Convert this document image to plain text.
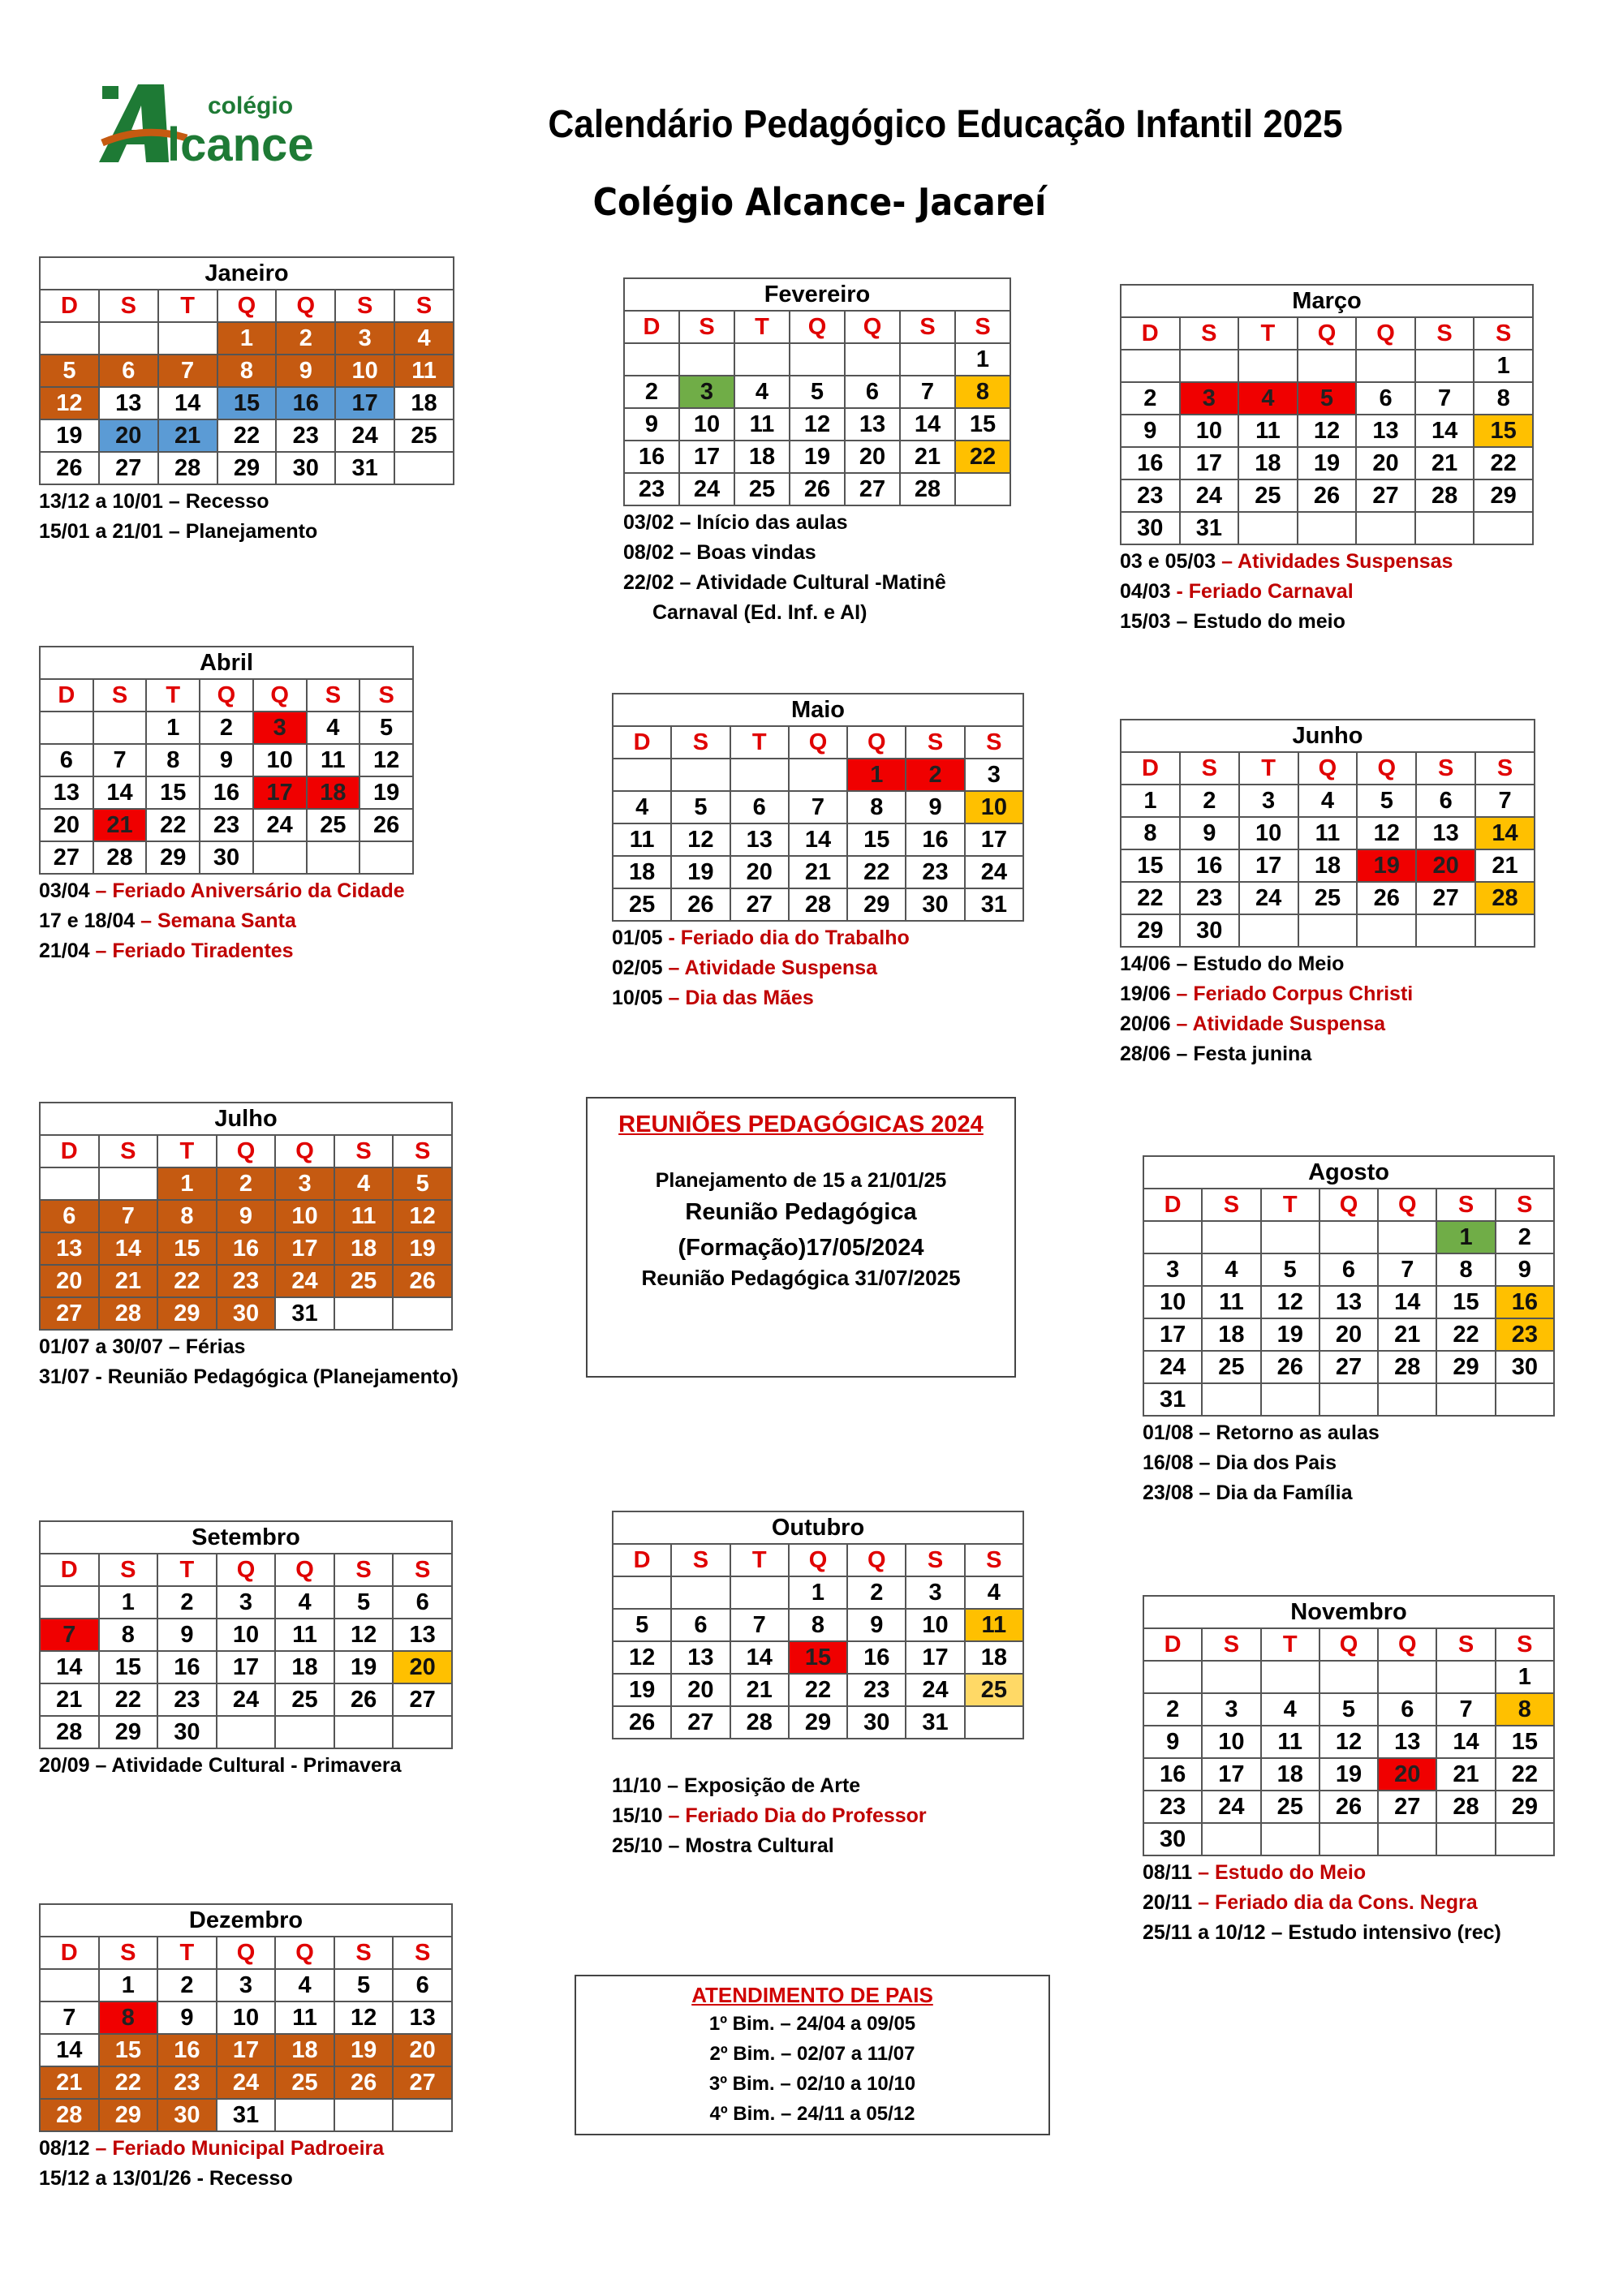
colégio
lcance	Calendário Pedagógico Educação Infantil 2025
Colégio Alcance- Jacareí
Janeiro						
D	S	T	Q	Q	S	S
			1	2	3	4
5	6	7	8	9	10	11
12	13	14	15	16	17	18
19	20	21	22	23	24	25
26	27	28	29	30	31	
13/12 a 10/01 – Recesso
15/01 a 21/01 – Planejamento
Fevereiro						
D	S	T	Q	Q	S	S
						1
2	3	4	5	6	7	8
9	10	11	12	13	14	15
16	17	18	19	20	21	22
23	24	25	26	27	28	
03/02 – Início das aulas
08/02 – Boas vindas
22/02 – Atividade Cultural -Matinê
Carnaval (Ed. Inf. e AI)
Março						
D	S	T	Q	Q	S	S
						1
2	3	4	5	6	7	8
9	10	11	12	13	14	15
16	17	18	19	20	21	22
23	24	25	26	27	28	29
30	31					
03 e 05/03 – Atividades Suspensas
04/03 - Feriado Carnaval
15/03 – Estudo do meio
Abril						
D	S	T	Q	Q	S	S
		1	2	3	4	5
6	7	8	9	10	11	12
13	14	15	16	17	18	19
20	21	22	23	24	25	26
27	28	29	30			
03/04 – Feriado Aniversário da Cidade
17 e 18/04 – Semana Santa
21/04 – Feriado Tiradentes
Maio						
D	S	T	Q	Q	S	S
				1	2	3
4	5	6	7	8	9	10
11	12	13	14	15	16	17
18	19	20	21	22	23	24
25	26	27	28	29	30	31
01/05 - Feriado dia do Trabalho
02/05 – Atividade Suspensa
10/05 – Dia das Mães
Junho						
D	S	T	Q	Q	S	S
1	2	3	4	5	6	7
8	9	10	11	12	13	14
15	16	17	18	19	20	21
22	23	24	25	26	27	28
29	30					
14/06 – Estudo do Meio
19/06 – Feriado Corpus Christi
20/06 – Atividade Suspensa
28/06 – Festa junina
Julho						
D	S	T	Q	Q	S	S
		1	2	3	4	5
6	7	8	9	10	11	12
13	14	15	16	17	18	19
20	21	22	23	24	25	26
27	28	29	30	31		
01/07 a 30/07 – Férias
31/07 - Reunião Pedagógica (Planejamento)
Agosto						
D	S	T	Q	Q	S	S
					1	2
3	4	5	6	7	8	9
10	11	12	13	14	15	16
17	18	19	20	21	22	23
24	25	26	27	28	29	30
31						
01/08 – Retorno as aulas
16/08 – Dia dos Pais
23/08 – Dia da Família
Setembro						
D	S	T	Q	Q	S	S
	1	2	3	4	5	6
7	8	9	10	11	12	13
14	15	16	17	18	19	20
21	22	23	24	25	26	27
28	29	30				
20/09 – Atividade Cultural - Primavera
Outubro						
D	S	T	Q	Q	S	S
			1	2	3	4
5	6	7	8	9	10	11
12	13	14	15	16	17	18
19	20	21	22	23	24	25
26	27	28	29	30	31	

11/10 – Exposição de Arte
15/10 – Feriado Dia do Professor
25/10 – Mostra Cultural
Novembro						
D	S	T	Q	Q	S	S
						1
2	3	4	5	6	7	8
9	10	11	12	13	14	15
16	17	18	19	20	21	22
23	24	25	26	27	28	29
30						
08/11 – Estudo do Meio
20/11 – Feriado dia da Cons. Negra
25/11 a 10/12 – Estudo intensivo (rec)
Dezembro						
D	S	T	Q	Q	S	S
	1	2	3	4	5	6
7	8	9	10	11	12	13
14	15	16	17	18	19	20
21	22	23	24	25	26	27
28	29	30	31			
08/12 – Feriado Municipal Padroeira
15/12 a 13/01/26 - Recesso
REUNIÕES PEDAGÓGICAS 2024
Planejamento de 15 a 21/01/25
Reunião Pedagógica
(Formação)17/05/2024
Reunião Pedagógica 31/07/2025
ATENDIMENTO DE PAIS
1º Bim. – 24/04 a 09/05
2º Bim. – 02/07 a 11/07
3º Bim. – 02/10 a 10/10
4º Bim. – 24/11 a 05/12
